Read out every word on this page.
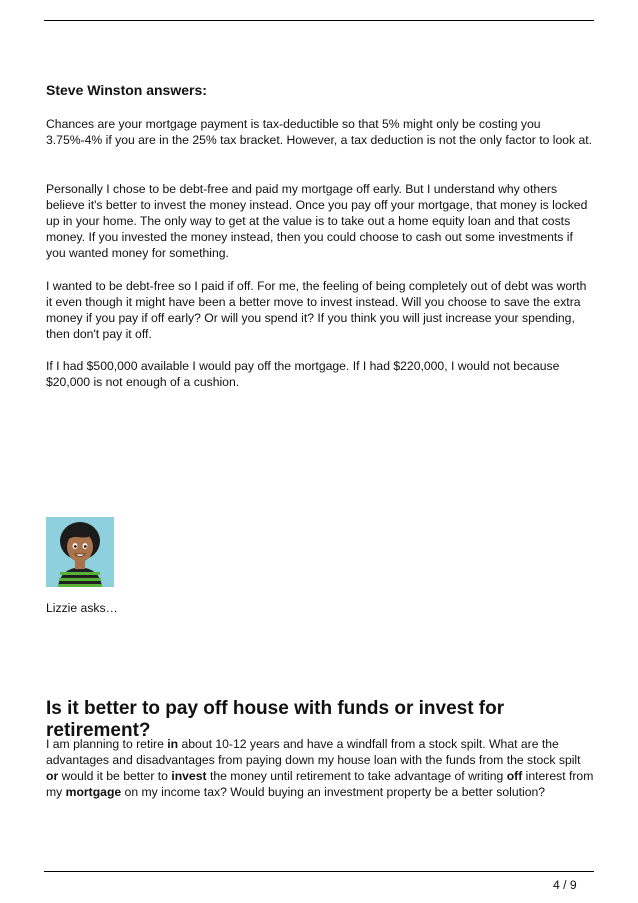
Steve Winston answers:

Chances are your mortgage payment is tax-deductible so that 5% might only be costing you 3.75%-4% if you are in the 25% tax bracket. However, a tax deduction is not the only factor to look at.

Personally I chose to be debt-free and paid my mortgage off early. But I understand why others believe it's better to invest the money instead. Once you pay off your mortgage, that money is locked up in your home. The only way to get at the value is to take out a home equity loan and that costs money. If you invested the money instead, then you could choose to cash out some investments if you wanted money for something.

I wanted to be debt-free so I paid if off. For me, the feeling of being completely out of debt was worth it even though it might have been a better move to invest instead. Will you choose to save the extra money if you pay if off early? Or will you spend it? If you think you will just increase your spending, then don't pay it off.

If I had $500,000 available I would pay off the mortgage. If I had $220,000, I would not because $20,000 is not enough of a cushion.

Lizzie asks…

Is it better to pay off house with funds or invest for retirement?

I am planning to retire in about 10-12 years and have a windfall from a stock spilt. What are the advantages and disadvantages from paying down my house loan with the funds from the stock spilt or would it be better to invest the money until retirement to take advantage of writing off interest from my mortgage on my income tax? Would buying an investment property be a better solution?

4 / 9
